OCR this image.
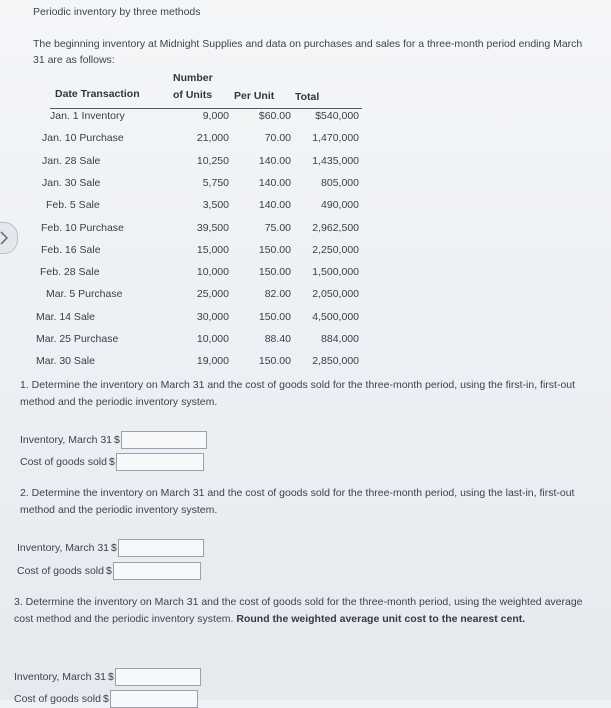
Periodic inventory by three methods
The beginning inventory at Midnight Supplies and data on purchases and sales for a three-month period ending March 31 are as follows:
Number
Date Transaction	of Units Per Unit Total
Jan. 1 Inventory	9,000	$60.00 $540,000
Jan. 10 Purchase	21,000	70.00 1,470,000
Jan. 28 Sale	10,250	140.00 1,435,000
Jan. 30 Sale	5,750	140.00	805,000
Feb. 5 Sale	3,500	140.00	490,000
Feb. 10 Purchase	39,500	75.00 2,962,500
Feb. 16 Sale	15,000	150.00 2,250,000
Feb. 28 Sale	10,000	150.00 1,500,000
Mar. 5 Purchase	25,000	82.00 2,050,000
Mar. 14 Sale	30,000	150.00 4,500,000
Mar. 25 Purchase	10,000	88.40	884,000
Mar. 30 Sale	19,000	150.00 2,850,000
1. Determine the inventory on March 31 and the cost of goods sold for the three-month period, using the first-in, first-out method and the periodic inventory system.
Inventory, March 31 $
Cost of goods sold $
2. Determine the inventory on March 31 and the cost of goods sold for the three-month period, using the last-in, first-out method and the periodic inventory system.
Inventory, March 31 $
Cost of goods sold $
3. Determine the inventory on March 31 and the cost of goods sold for the three-month period, using the weighted average cost method and the periodic inventory system. Round the weighted average unit cost to the nearest cent.
Inventory, March 31 $
Cost of goods sold $
